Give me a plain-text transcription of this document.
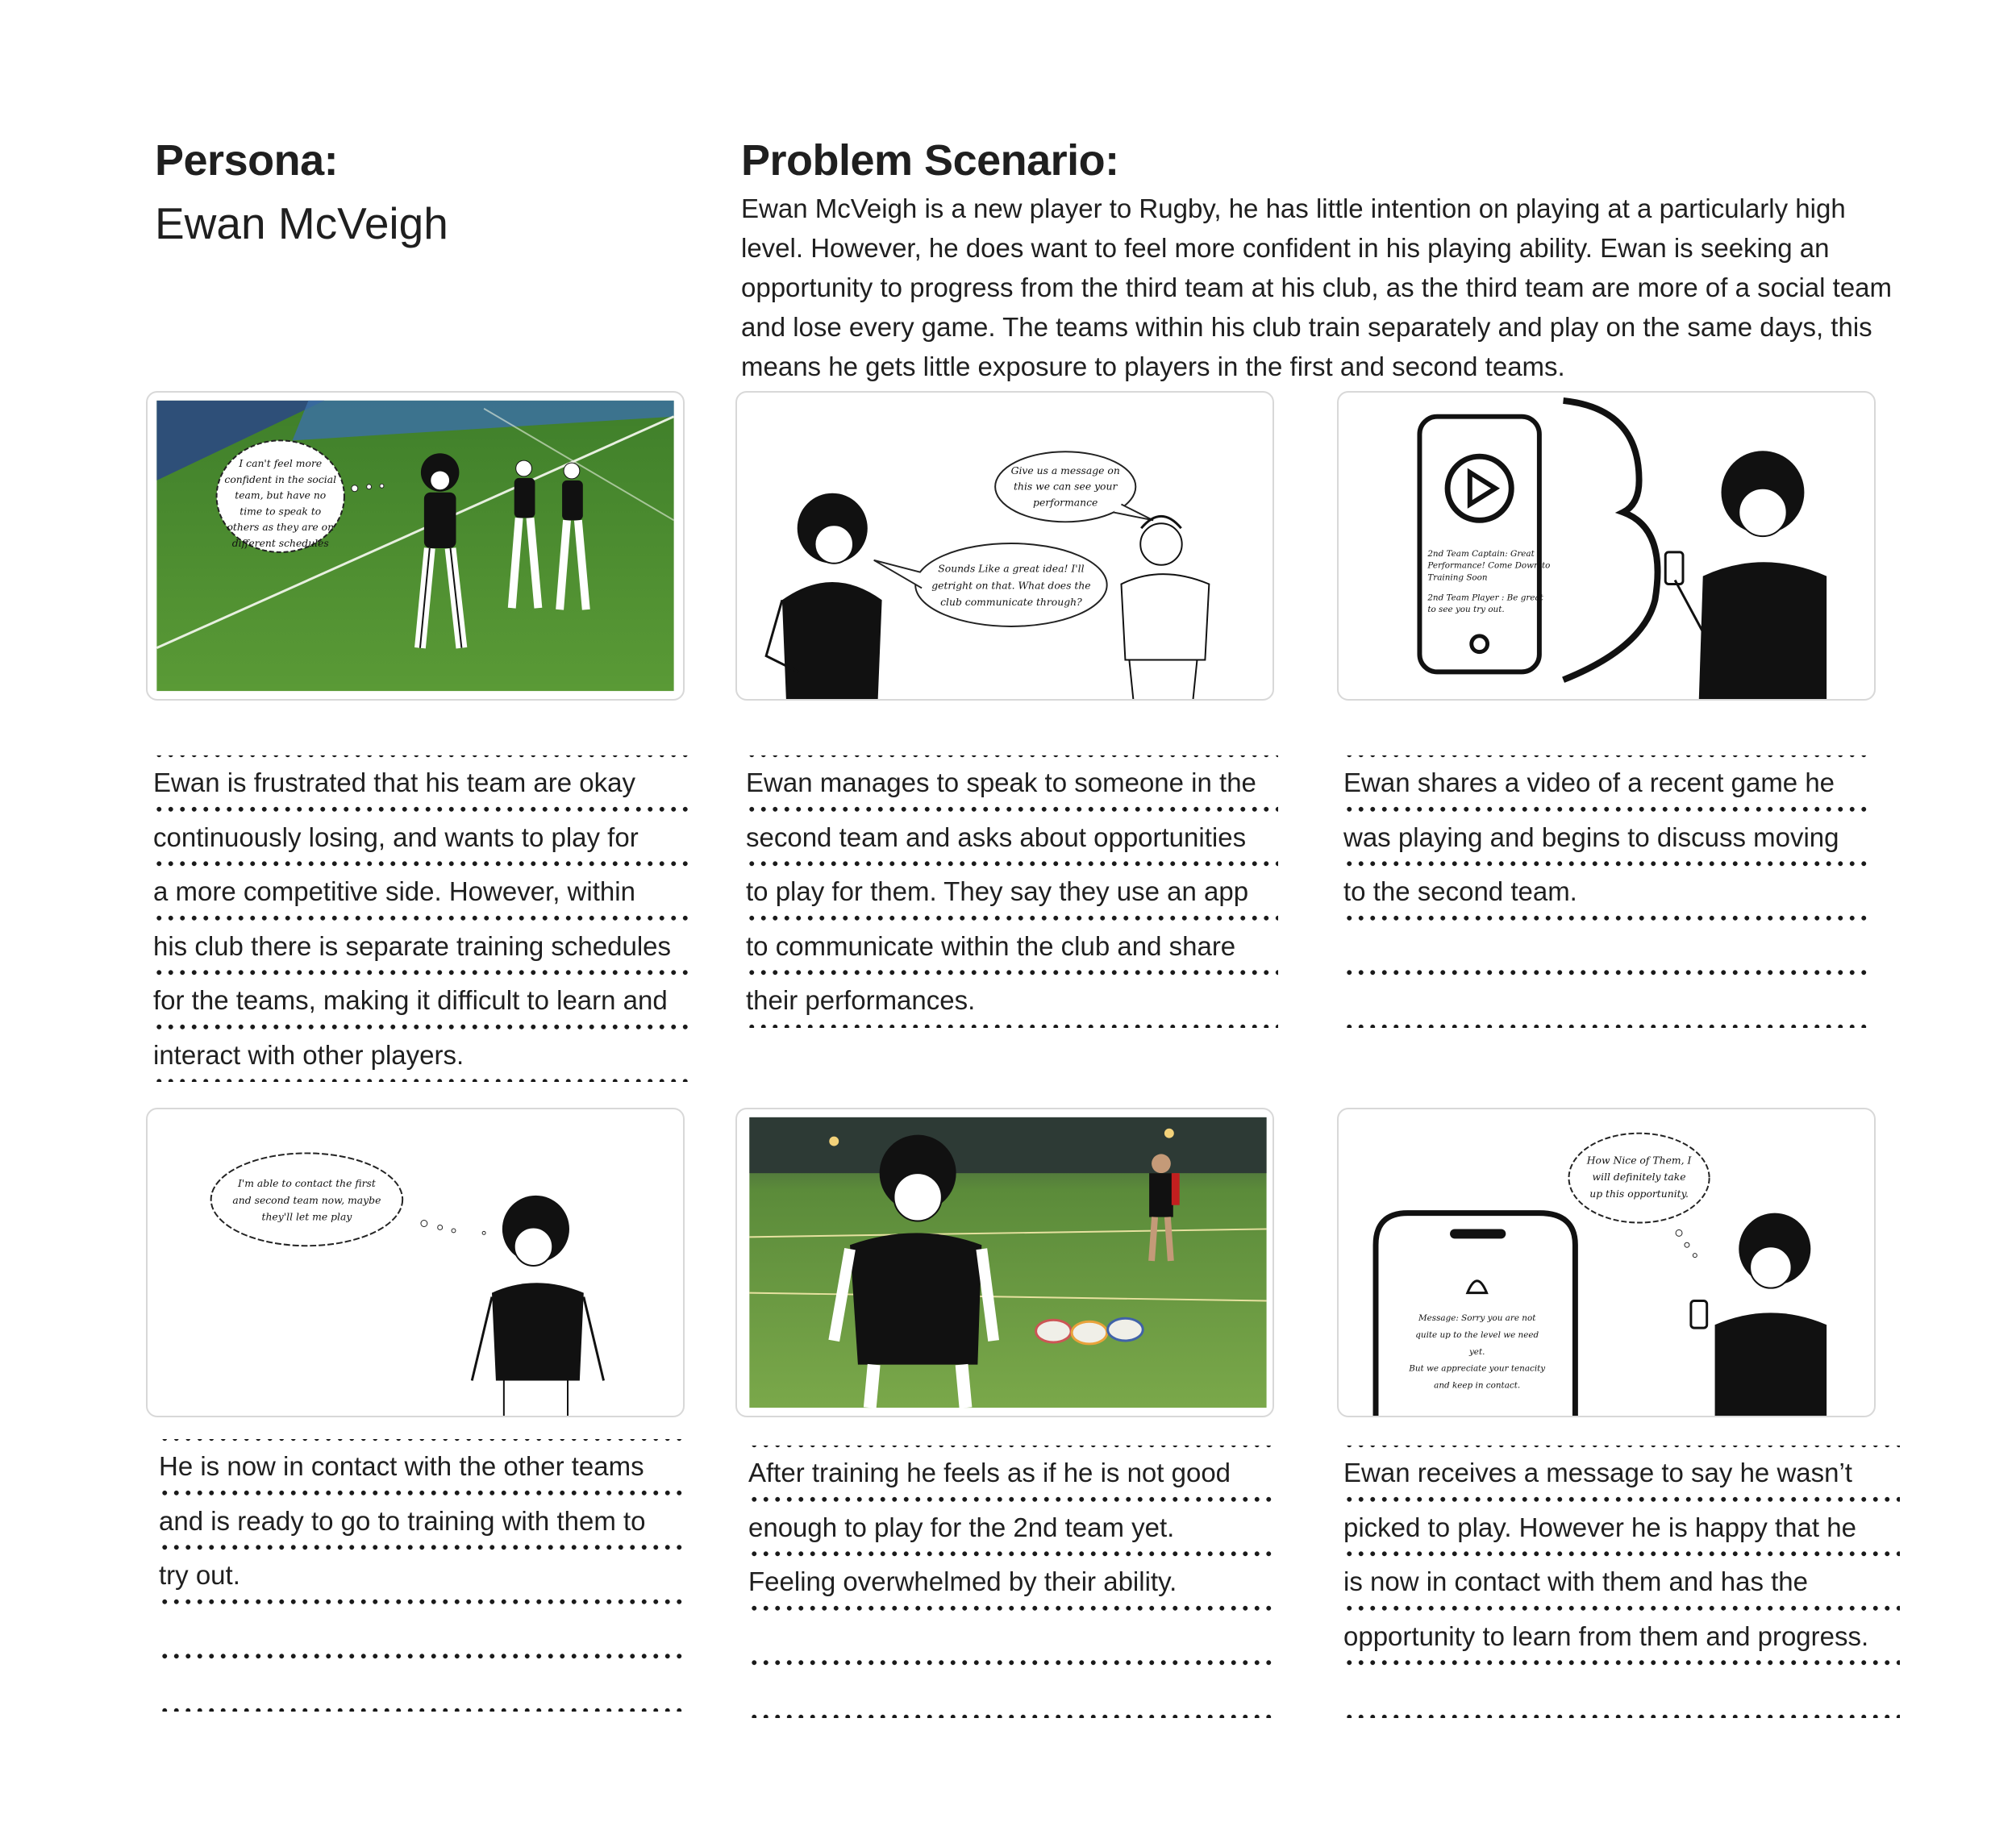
Persona:
Ewan McVeigh
Problem Scenario:

Ewan McVeigh is a new player to Rugby, he has little intention on playing at a particularly high level. However, he does want to feel more confident in his playing ability. Ewan is seeking an opportunity to progress from the third team at his club, as the third team are more of a social team and lose every game. The teams within his club train separately and play on the same days, this means he gets little exposure to players in the first and second teams.

I can't feel more
confident in the social
team, but have no
time to speak to
others as they are on
different schedules
Give us a message on
this we can see your
performance
Sounds Like a great idea! I'll
getright on that. What does the
club communicate through?
2nd Team Captain: Great
Performance! Come Down to
Training Soon
2nd Team Player : Be great
to see you try out.
I'm able to contact the first
and second team now, maybe
they'll let me play
How Nice of Them, I
will definitely take
up this opportunity.
Message: Sorry you are not
quite up to the level we need
yet.
But we appreciate your tenacity
and keep in contact.
Ewan is frustrated that his team are okay
continuously losing, and wants to play for
a more competitive side. However, within
his club there is separate training schedules
for the teams, making it difficult to learn and
interact with other players.
Ewan manages to speak to someone in the
second team and asks about opportunities
to play for them. They say they use an app
to communicate within the club and share
their performances.
Ewan shares a video of a recent game he
was playing and begins to discuss moving
to the second team.

He is now in contact with the other teams
and is ready to go to training with them to
try out.

After training he feels as if he is not good
enough to play for the 2nd team yet.
Feeling overwhelmed by their ability.

Ewan receives a message to say he wasn’t
picked to play. However he is happy that he
is now in contact with them and has the
opportunity to learn from them and progress.
